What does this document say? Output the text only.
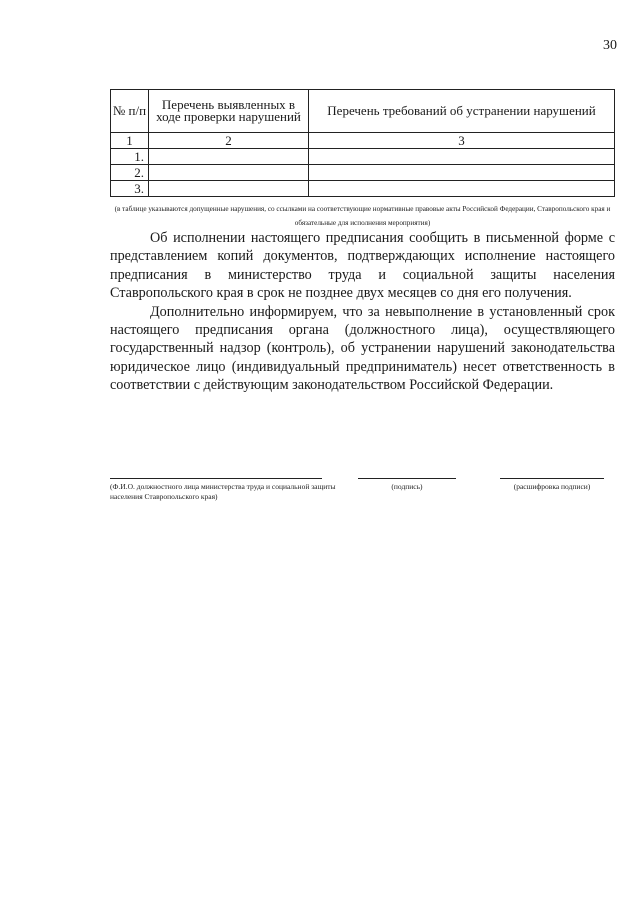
30
№ п/п	Перечень выявленных в ходе проверки нарушений	Перечень требований об устранении нарушений
1	2	3
1.		
2.		
3.		
(в таблице указываются допущенные нарушения, со ссылками на соответствующие нормативные правовые акты Российской Федерации, Ставропольского края и обязательные для исполнения мероприятия)

Об исполнении настоящего предписания сообщить в письменной форме с представлением копий документов, подтверждающих исполнение настоящего предписания в министерство труда и социальной защиты населения Ставропольского края в срок не позднее двух месяцев со дня его получения.

Дополнительно информируем, что за невыполнение в установленный срок настоящего предписания органа (должностного лица), осуществляющего государственный надзор (контроль), об устранении нарушений законодательства юридическое лицо (индивидуальный предприниматель) несет ответственность в соответствии с действующим законодательством Российской Федерации.

(Ф.И.О. должностного лица министерства труда и социальной защиты населения Ставропольского края)
(подпись)	(расшифровка подписи)
